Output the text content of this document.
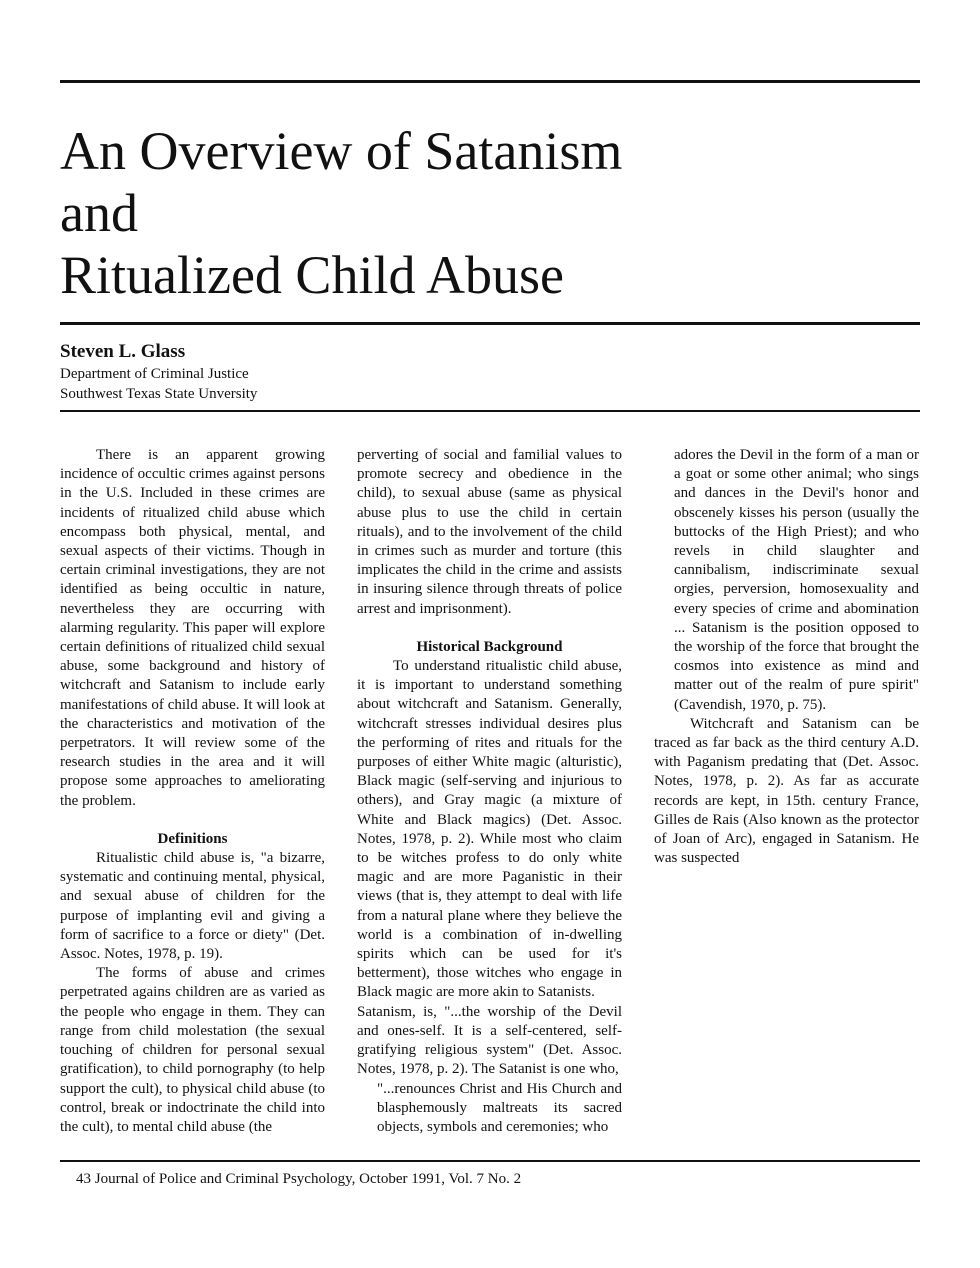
An Overview of Satanism
and
Ritualized Child Abuse
Steven L. Glass
Department of Criminal Justice
Southwest Texas State Unversity

There is an apparent growing incidence of occultic crimes against persons in the U.S. Included in these crimes are incidents of ritualized child abuse which encompass both physical, mental, and sexual aspects of their victims. Though in certain criminal investigations, they are not identified as being occultic in nature, nevertheless they are occurring with alarming regularity. This paper will explore certain definitions of ritualized child sexual abuse, some background and history of witchcraft and Satanism to include early manifestations of child abuse. It will look at the characteristics and motivation of the perpetrators. It will review some of the research studies in the area and it will propose some approaches to ameliorating the problem.

Definitions

Ritualistic child abuse is, "a bizarre, systematic and continuing mental, physical, and sexual abuse of children for the purpose of implanting evil and giving a form of sacrifice to a force or diety" (Det. Assoc. Notes, 1978, p. 19).

The forms of abuse and crimes perpetrated agains children are as varied as the people who engage in them. They can range from child molestation (the sexual touching of children for personal sexual gratification), to child pornography (to help support the cult), to physical child abuse (to control, break or indoctrinate the child into the cult), to mental child abuse (the

perverting of social and familial values to promote secrecy and obedience in the child), to sexual abuse (same as physical abuse plus to use the child in certain rituals), and to the involvement of the child in crimes such as murder and torture (this implicates the child in the crime and assists in insuring silence through threats of police arrest and imprisonment).

Historical Background

To understand ritualistic child abuse, it is important to understand something about witchcraft and Satanism. Generally, witchcraft stresses individual desires plus the performing of rites and rituals for the purposes of either White magic (alturistic), Black magic (self-serving and injurious to others), and Gray magic (a mixture of White and Black magics) (Det. Assoc. Notes, 1978, p. 2). While most who claim to be witches profess to do only white magic and are more Paganistic in their views (that is, they attempt to deal with life from a natural plane where they believe the world is a combination of in-dwelling spirits which can be used for it's betterment), those witches who engage in Black magic are more akin to Satanists.

Satanism, is, "...the worship of the Devil and ones-self. It is a self-centered, self-gratifying religious system" (Det. Assoc. Notes, 1978, p. 2). The Satanist is one who,

"...renounces Christ and His Church and blasphemously maltreats its sacred objects, symbols and ceremonies; who
adores the Devil in the form of a man or a goat or some other animal; who sings and dances in the Devil's honor and obscenely kisses his person (usually the buttocks of the High Priest); and who revels in child slaughter and cannibalism, indiscriminate sexual orgies, perversion, homosexuality and every species of crime and abomination ... Satanism is the position opposed to the worship of the force that brought the cosmos into existence as mind and matter out of the realm of pure spirit" (Cavendish, 1970, p. 75).

Witchcraft and Satanism can be traced as far back as the third century A.D. with Paganism predating that (Det. Assoc. Notes, 1978, p. 2). As far as accurate records are kept, in 15th. century France, Gilles de Rais (Also known as the protector of Joan of Arc), engaged in Satanism. He was suspected

43 Journal of Police and Criminal Psychology, October 1991, Vol. 7 No. 2
